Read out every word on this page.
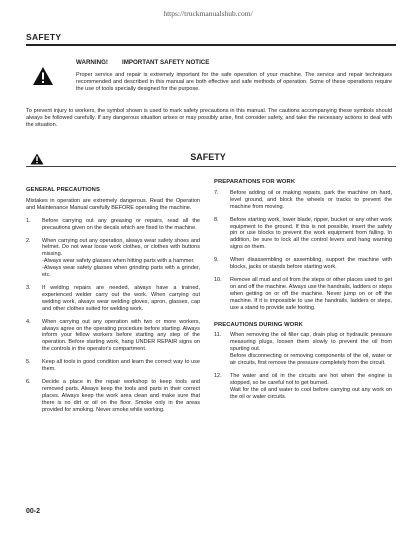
https://truckmanualshub.com/
SAFETY
WARNING! IMPORTANT SAFETY NOTICE
Proper service and repair is extremely important for the safe operation of your machine. The service and repair techniques recommended and described in this manual are both effective and safe methods of operation. Some of these operations require the use of tools specially designed for the purpose.
To prevent injury to workers, the symbol shown is used to mark safety precautions in this manual. The cautions accompanying these symbols should always be followed carefully. If any dangerous situation arises or may possibly arise, first consider safety, and take the necessary actions to deal with the situation.
SAFETY
GENERAL PRECAUTIONS
Mistakes in operation are extremely dangerous. Read the Operation and Maintenance Manual carefully BEFORE operating the machine.
1.	Before carrying out any greasing or repairs, read all the precautions given on the decals which are fixed to the machine.
2.	When carrying out any operation, always wear safety shoes and helmet. Do not wear loose work clothes, or clothes with buttons missing.
-Always wear safety glasses when hitting parts with a hammer.
-Always wear safety glasses when grinding parts with a grinder, etc.
3.	If welding repairs are needed, always have a trained, experienced welder carry out the work. When carrying out welding work, always wear welding gloves, apron, glasses, cap and other clothes suited for welding work.
4.	When carrying out any operation with two or more workers, always agree on the operating procedure before starting. Always inform your fellow workers before starting any step of the operation. Before starting work, hang UNDER REPAIR signs on the controls in the operator's compartment.
5.	Keep all tools in good condition and learn the correct way to use them.
6.	Decide a place in the repair workshop to keep tools and removed parts. Always keep the tools and parts in their correct places. Always keep the work area clean and make sure that there is no dirt or oil on the floor. Smoke only in the areas provided for smoking. Never smoke while working.
PREPARATIONS FOR WORK
7.	Before adding oil or making repairs, park the machine on hard, level ground, and block the wheels or tracks to prevent the machine from moving.
8.	Before starting work, lower blade, ripper, bucket or any other work equipment to the ground. If this is not possible, insert the safety pin or use blocks to prevent the work equipment from falling. In addition, be sure to lock all the control levers and hang warning signs on them.
9.	When disassembling or assembling, support the machine with blocks, jacks or stands before starting work.
10.	Remove all mud and oil from the steps or other places used to get on and off the machine. Always use the handrails, ladders or steps when getting on or off the machine. Never jump on or off the machine. If it is impossible to use the handrails, ladders or steps, use a stand to provide safe footing.
PRECAUTIONS DURING WORK
11.	When removing the oil filler cap, drain plug or hydraulic pressure measuring plugs, loosen them slowly to prevent the oil from spurting out.
Before disconnecting or removing components of the oil, water or air circuits, first remove the pressure completely from the circuit.
12.	The water and oil in the circuits are hot when the engine is stopped, so be careful not to get burned.
Wait for the oil and water to cool before carrying out any work on the oil or water circuits.
00-2
